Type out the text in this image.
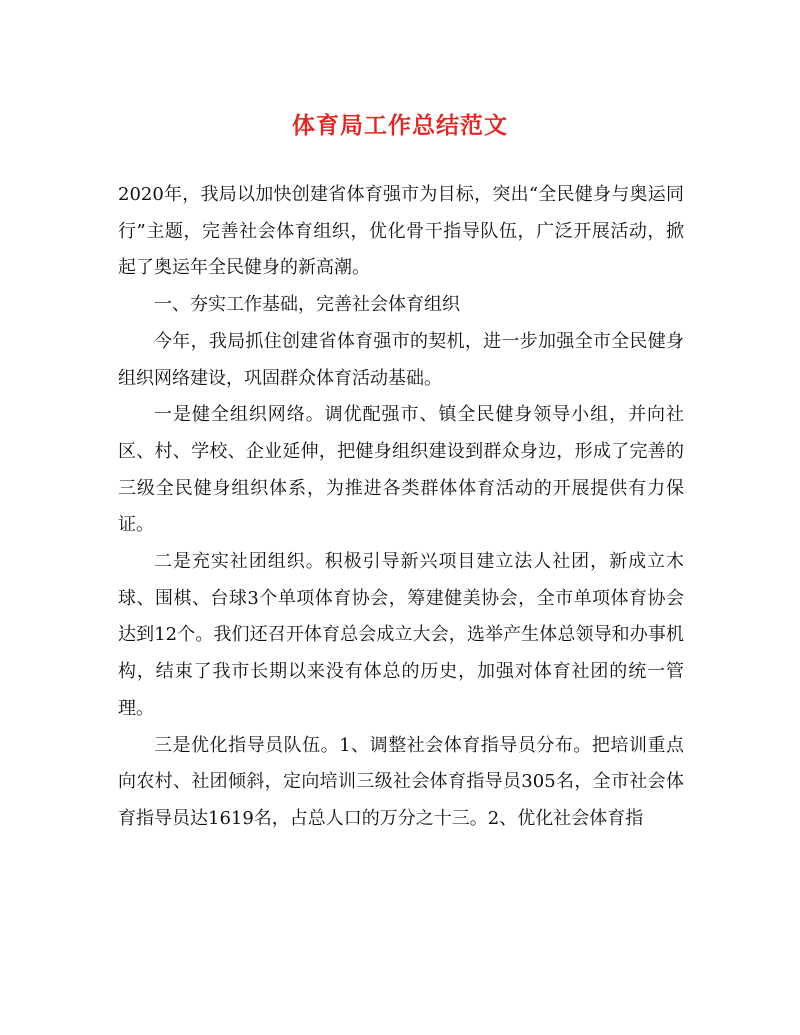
体育局工作总结范文

2020年，我局以加快创建省体育强市为目标，突出“全民健身与奥运同行”主题，完善社会体育组织，优化骨干指导队伍，广泛开展活动，掀起了奥运年全民健身的新高潮。

一、夯实工作基础，完善社会体育组织

今年，我局抓住创建省体育强市的契机，进一步加强全市全民健身组织网络建设，巩固群众体育活动基础。

一是健全组织网络。调优配强市、镇全民健身领导小组，并向社区、村、学校、企业延伸，把健身组织建设到群众身边，形成了完善的三级全民健身组织体系，为推进各类群体体育活动的开展提供有力保证。

二是充实社团组织。积极引导新兴项目建立法人社团，新成立木球、围棋、台球3个单项体育协会，筹建健美协会，全市单项体育协会达到12个。我们还召开体育总会成立大会，选举产生体总领导和办事机构，结束了我市长期以来没有体总的历史，加强对体育社团的统一管理。

三是优化指导员队伍。1、调整社会体育指导员分布。把培训重点向农村、社团倾斜，定向培训三级社会体育指导员305名，全市社会体育指导员达1619名，占总人口的万分之十三。2、优化社会体育指
